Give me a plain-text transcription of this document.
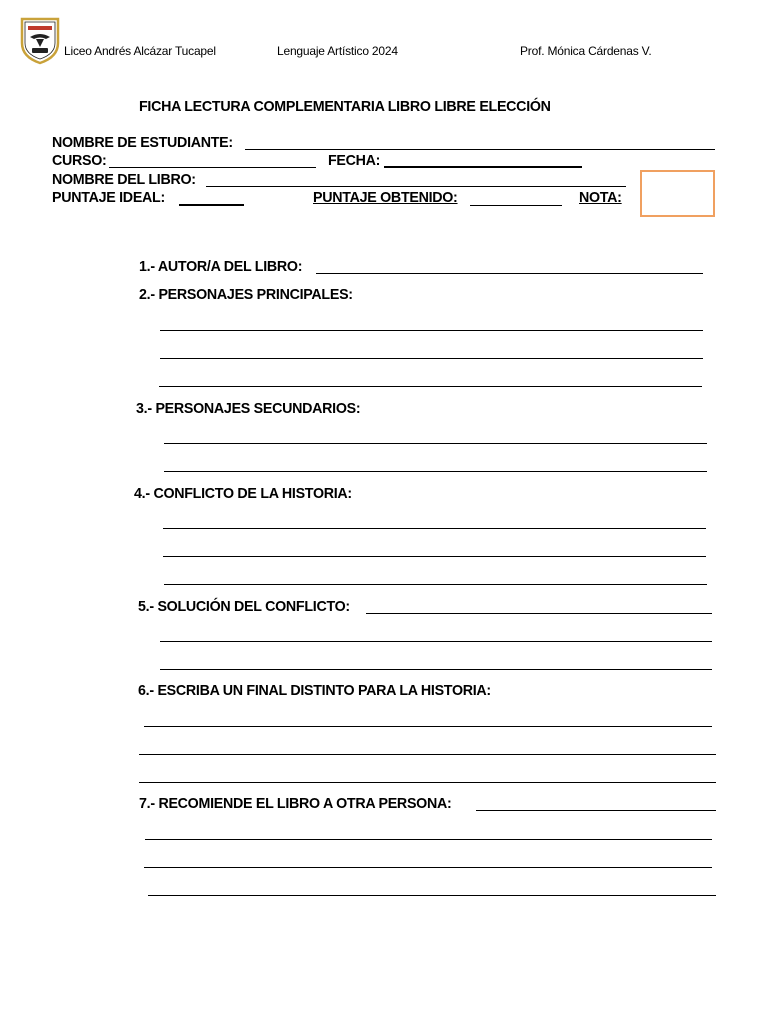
Liceo Andrés Alcázar Tucapel	Lenguaje Artístico 2024	Prof. Mónica Cárdenas V.
FICHA LECTURA COMPLEMENTARIA LIBRO LIBRE ELECCIÓN
NOMBRE DE ESTUDIANTE:
CURSO:	FECHA:
NOMBRE DEL LIBRO:
PUNTAJE IDEAL:	PUNTAJE OBTENIDO:	NOTA:
1.- AUTOR/A DEL LIBRO:
2.- PERSONAJES PRINCIPALES:
3.- PERSONAJES SECUNDARIOS:
4.- CONFLICTO DE LA HISTORIA:
5.- SOLUCIÓN DEL CONFLICTO:
6.- ESCRIBA UN FINAL DISTINTO PARA LA HISTORIA:
7.- RECOMIENDE EL LIBRO A OTRA PERSONA:
